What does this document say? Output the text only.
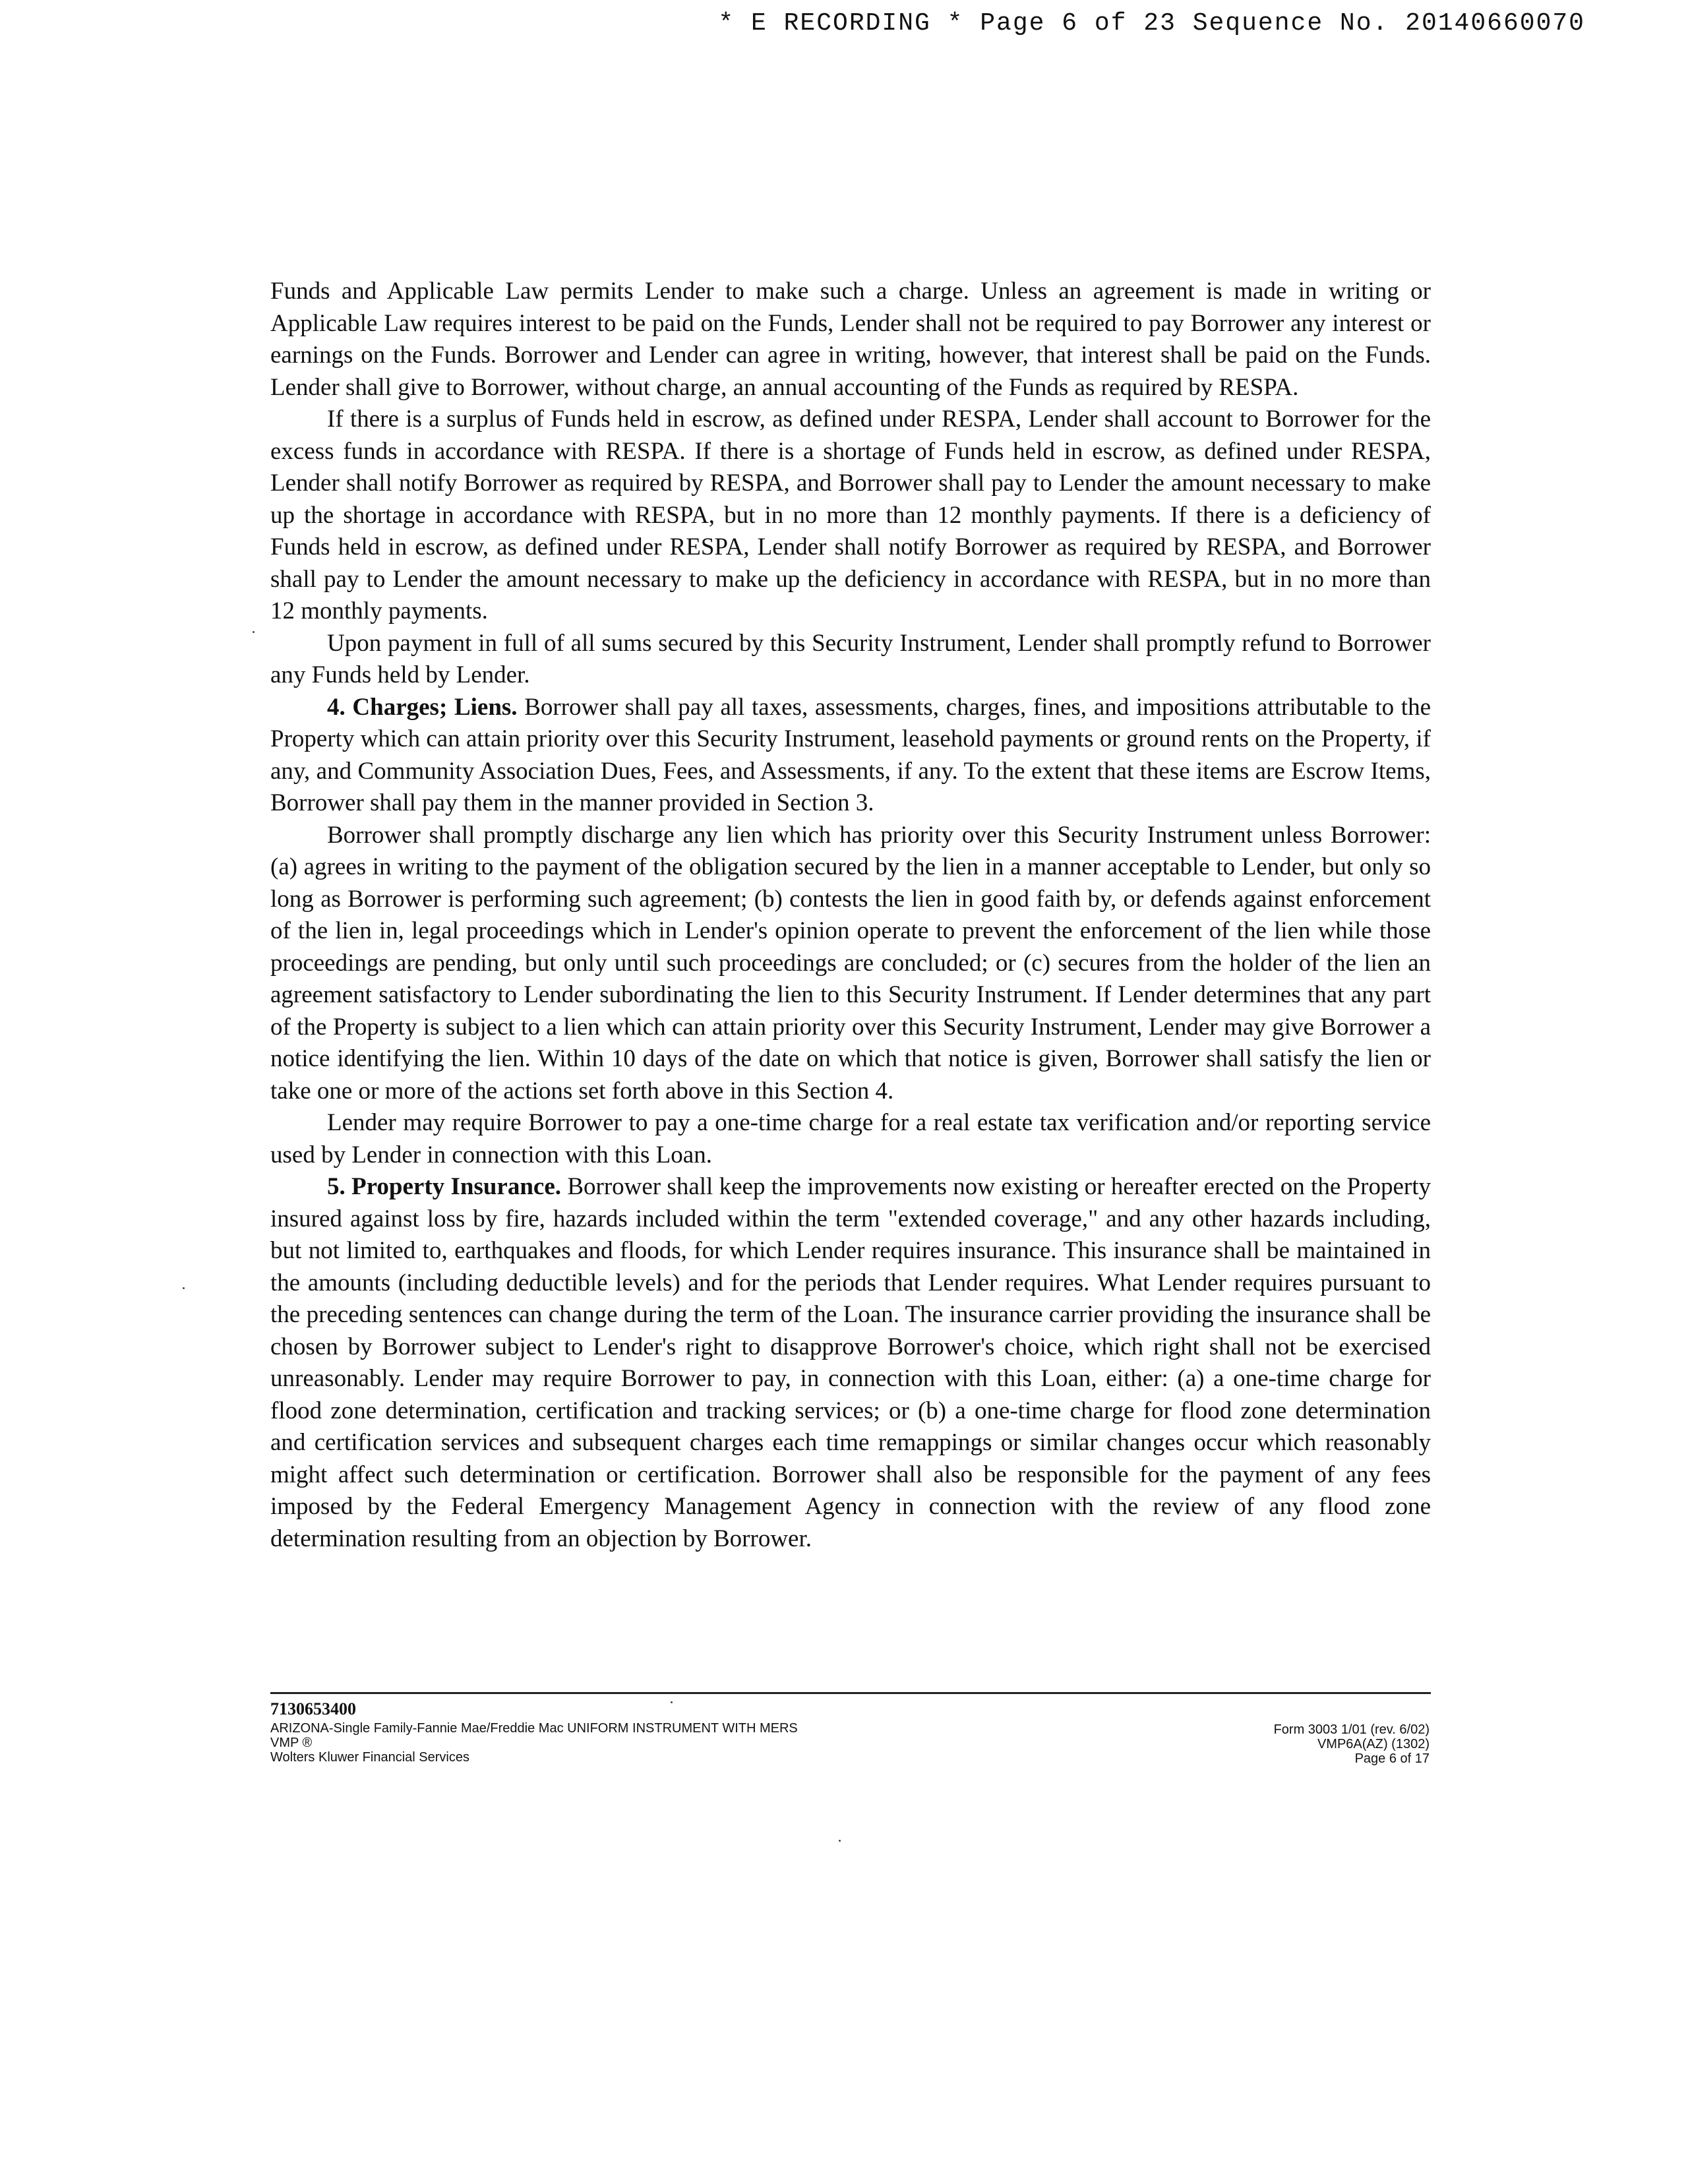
* E RECORDING * Page 6 of 23 Sequence No. 20140660070

Funds and Applicable Law permits Lender to make such a charge. Unless an agreement is made in writing or Applicable Law requires interest to be paid on the Funds, Lender shall not be required to pay Borrower any interest or earnings on the Funds. Borrower and Lender can agree in writing, however, that interest shall be paid on the Funds. Lender shall give to Borrower, without charge, an annual accounting of the Funds as required by RESPA.

If there is a surplus of Funds held in escrow, as defined under RESPA, Lender shall account to Borrower for the excess funds in accordance with RESPA. If there is a shortage of Funds held in escrow, as defined under RESPA, Lender shall notify Borrower as required by RESPA, and Borrower shall pay to Lender the amount necessary to make up the shortage in accordance with RESPA, but in no more than 12 monthly payments. If there is a deficiency of Funds held in escrow, as defined under RESPA, Lender shall notify Borrower as required by RESPA, and Borrower shall pay to Lender the amount necessary to make up the deficiency in accordance with RESPA, but in no more than 12 monthly payments.

Upon payment in full of all sums secured by this Security Instrument, Lender shall promptly refund to Borrower any Funds held by Lender.

4. Charges; Liens. Borrower shall pay all taxes, assessments, charges, fines, and impositions attributable to the Property which can attain priority over this Security Instrument, leasehold payments or ground rents on the Property, if any, and Community Association Dues, Fees, and Assessments, if any. To the extent that these items are Escrow Items, Borrower shall pay them in the manner provided in Section 3.

Borrower shall promptly discharge any lien which has priority over this Security Instrument unless Borrower: (a) agrees in writing to the payment of the obligation secured by the lien in a manner acceptable to Lender, but only so long as Borrower is performing such agreement; (b) contests the lien in good faith by, or defends against enforcement of the lien in, legal proceedings which in Lender's opinion operate to prevent the enforcement of the lien while those proceedings are pending, but only until such proceedings are concluded; or (c) secures from the holder of the lien an agreement satisfactory to Lender subordinating the lien to this Security Instrument. If Lender determines that any part of the Property is subject to a lien which can attain priority over this Security Instrument, Lender may give Borrower a notice identifying the lien. Within 10 days of the date on which that notice is given, Borrower shall satisfy the lien or take one or more of the actions set forth above in this Section 4.

Lender may require Borrower to pay a one-time charge for a real estate tax verification and/or reporting service used by Lender in connection with this Loan.

5. Property Insurance. Borrower shall keep the improvements now existing or hereafter erected on the Property insured against loss by fire, hazards included within the term "extended coverage," and any other hazards including, but not limited to, earthquakes and floods, for which Lender requires insurance. This insurance shall be maintained in the amounts (including deductible levels) and for the periods that Lender requires. What Lender requires pursuant to the preceding sentences can change during the term of the Loan. The insurance carrier providing the insurance shall be chosen by Borrower subject to Lender's right to disapprove Borrower's choice, which right shall not be exercised unreasonably. Lender may require Borrower to pay, in connection with this Loan, either: (a) a one-time charge for flood zone determination, certification and tracking services; or (b) a one-time charge for flood zone determination and certification services and subsequent charges each time remappings or similar changes occur which reasonably might affect such determination or certification. Borrower shall also be responsible for the payment of any fees imposed by the Federal Emergency Management Agency in connection with the review of any flood zone determination resulting from an objection by Borrower.

7130653400
ARIZONA-Single Family-Fannie Mae/Freddie Mac UNIFORM INSTRUMENT WITH MERS
VMP ®
Wolters Kluwer Financial Services
Form 3003 1/01 (rev. 6/02)
VMP6A(AZ) (1302)
Page 6 of 17
